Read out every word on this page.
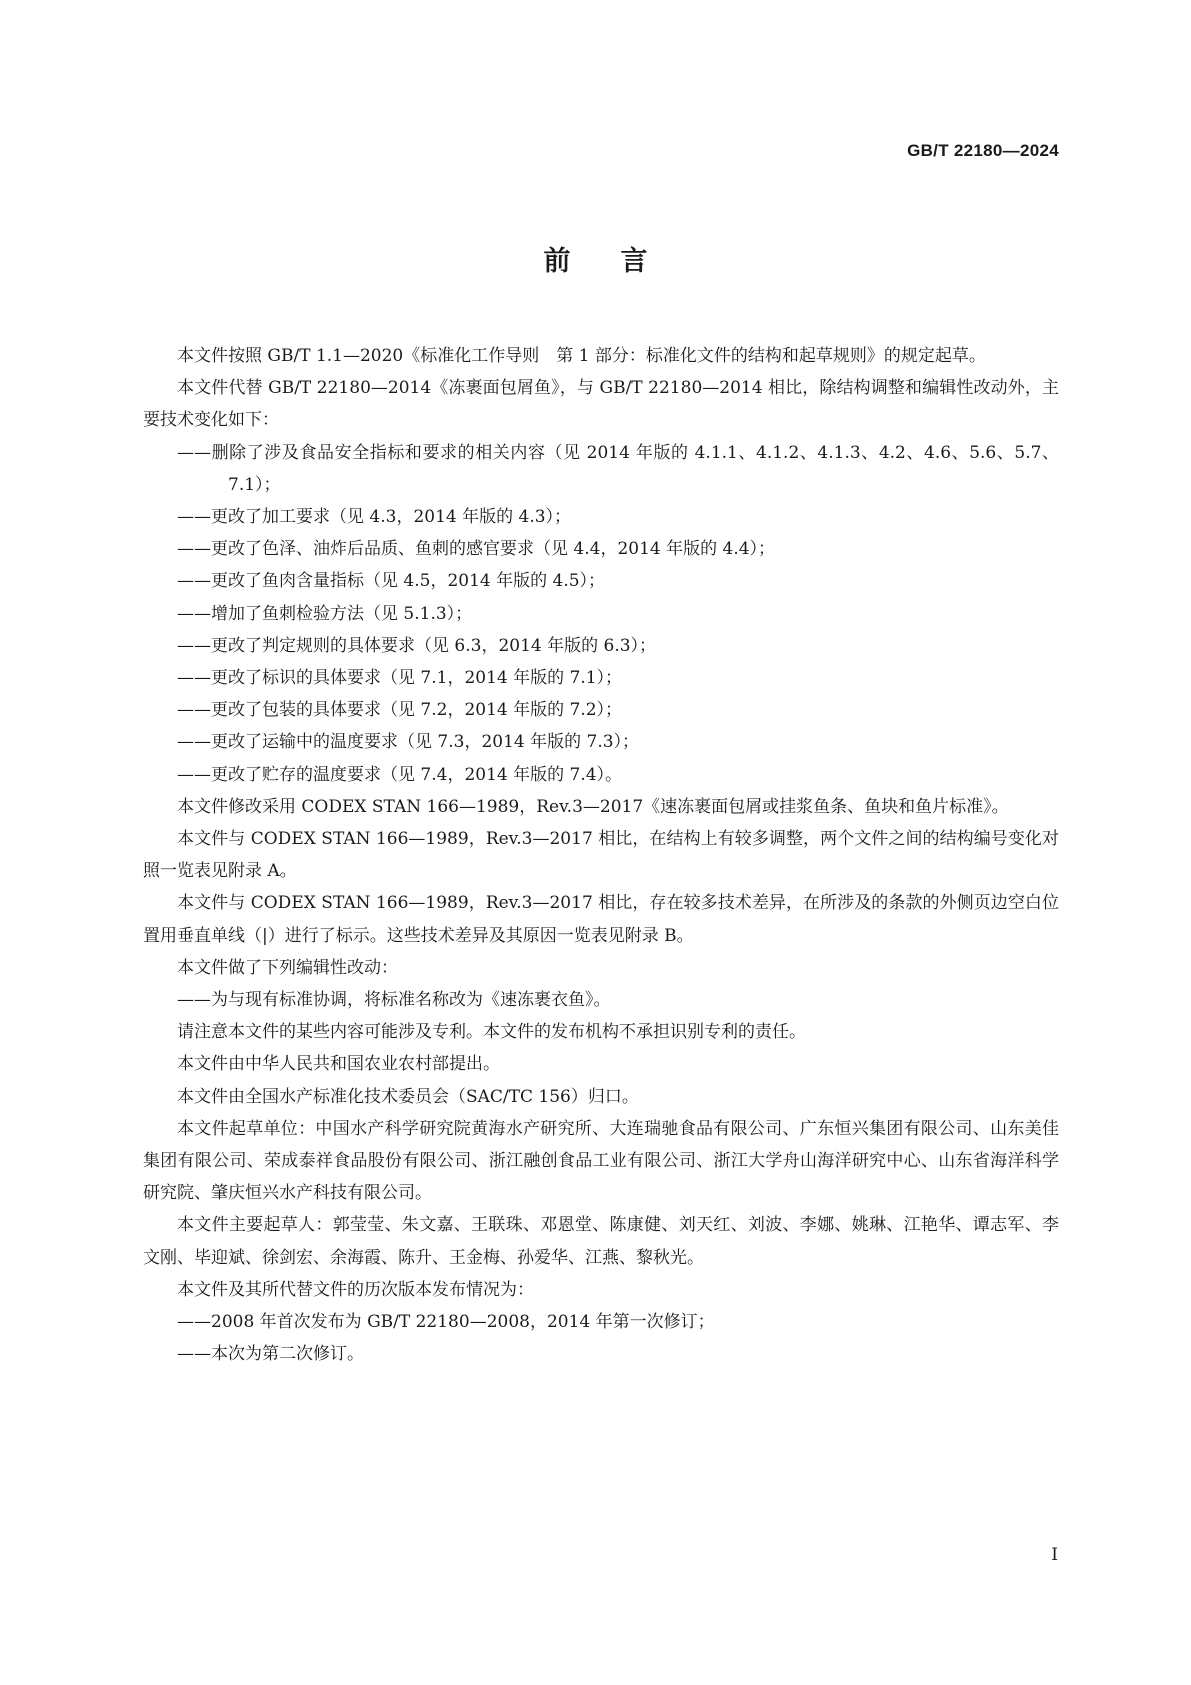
GB/T 22180—2024
前言

本文件按照 GB/T 1.1—2020《标准化工作导则　第 1 部分：标准化文件的结构和起草规则》的规定起草。

本文件代替 GB/T 22180—2014《冻裹面包屑鱼》，与 GB/T 22180—2014 相比，除结构调整和编辑性改动外，主要技术变化如下：

——删除了涉及食品安全指标和要求的相关内容（见 2014 年版的 4.1.1、4.1.2、4.1.3、4.2、4.6、5.6、5.7、7.1）；

——更改了加工要求（见 4.3，2014 年版的 4.3）；

——更改了色泽、油炸后品质、鱼刺的感官要求（见 4.4，2014 年版的 4.4）；

——更改了鱼肉含量指标（见 4.5，2014 年版的 4.5）；

——增加了鱼刺检验方法（见 5.1.3）；

——更改了判定规则的具体要求（见 6.3，2014 年版的 6.3）；

——更改了标识的具体要求（见 7.1，2014 年版的 7.1）；

——更改了包装的具体要求（见 7.2，2014 年版的 7.2）；

——更改了运输中的温度要求（见 7.3，2014 年版的 7.3）；

——更改了贮存的温度要求（见 7.4，2014 年版的 7.4）。

本文件修改采用 CODEX STAN 166—1989，Rev.3—2017《速冻裹面包屑或挂浆鱼条、鱼块和鱼片标准》。

本文件与 CODEX STAN 166—1989，Rev.3—2017 相比，在结构上有较多调整，两个文件之间的结构编号变化对照一览表见附录 A。

本文件与 CODEX STAN 166—1989，Rev.3—2017 相比，存在较多技术差异，在所涉及的条款的外侧页边空白位置用垂直单线（|）进行了标示。这些技术差异及其原因一览表见附录 B。

本文件做了下列编辑性改动：

——为与现有标准协调，将标准名称改为《速冻裹衣鱼》。

请注意本文件的某些内容可能涉及专利。本文件的发布机构不承担识别专利的责任。

本文件由中华人民共和国农业农村部提出。

本文件由全国水产标准化技术委员会（SAC/TC 156）归口。

本文件起草单位：中国水产科学研究院黄海水产研究所、大连瑞驰食品有限公司、广东恒兴集团有限公司、山东美佳集团有限公司、荣成泰祥食品股份有限公司、浙江融创食品工业有限公司、浙江大学舟山海洋研究中心、山东省海洋科学研究院、肇庆恒兴水产科技有限公司。

本文件主要起草人：郭莹莹、朱文嘉、王联珠、邓恩堂、陈康健、刘天红、刘波、李娜、姚琳、江艳华、谭志军、李文刚、毕迎斌、徐剑宏、余海霞、陈升、王金梅、孙爱华、江燕、黎秋光。

本文件及其所代替文件的历次版本发布情况为：

——2008 年首次发布为 GB/T 22180—2008，2014 年第一次修订；

——本次为第二次修订。

I
